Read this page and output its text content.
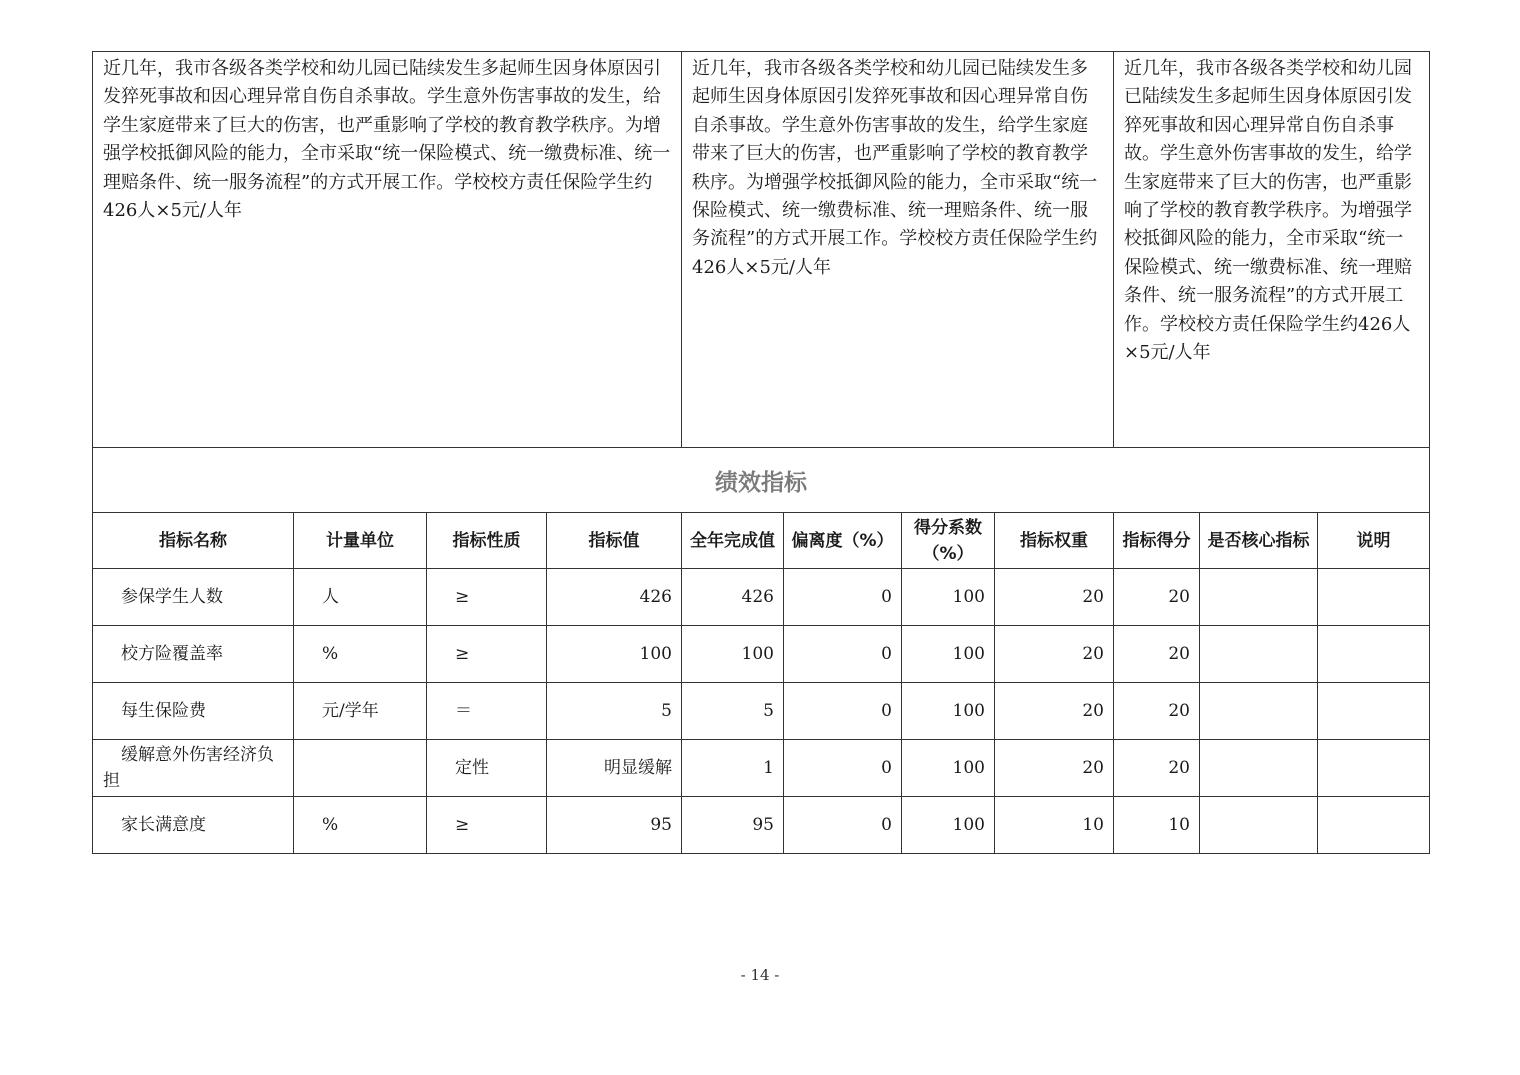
近几年，我市各级各类学校和幼儿园已陆续发生多起师生因身体原因引发猝死事故和因心理异常自伤自杀事故。学生意外伤害事故的发生，给学生家庭带来了巨大的伤害，也严重影响了学校的教育教学秩序。为增强学校抵御风险的能力，全市采取“统一保险模式、统一缴费标准、统一理赔条件、统一服务流程”的方式开展工作。学校校方责任保险学生约426人×5元/人年	近几年，我市各级各类学校和幼儿园已陆续发生多起师生因身体原因引发猝死事故和因心理异常自伤自杀事故。学生意外伤害事故的发生，给学生家庭带来了巨大的伤害，也严重影响了学校的教育教学秩序。为增强学校抵御风险的能力，全市采取“统一保险模式、统一缴费标准、统一理赔条件、统一服务流程”的方式开展工作。学校校方责任保险学生约426人×5元/人年	近几年，我市各级各类学校和幼儿园已陆续发生多起师生因身体原因引发猝死事故和因心理异常自伤自杀事故。学生意外伤害事故的发生，给学生家庭带来了巨大的伤害，也严重影响了学校的教育教学秩序。为增强学校抵御风险的能力，全市采取“统一保险模式、统一缴费标准、统一理赔条件、统一服务流程”的方式开展工作。学校校方责任保险学生约426人×5元/人年
绩效指标										
指标名称	计量单位	指标性质	指标值	全年完成值	偏离度（%）	得分系数（%）	指标权重	指标得分	是否核心指标	说明
参保学生人数	人	≥	426	426	0	100	20	20		
校方险覆盖率	%	≥	100	100	0	100	20	20		
每生保险费	元/学年	＝	5	5	0	100	20	20		
缓解意外伤害经济负担		定性	明显缓解	1	0	100	20	20		
家长满意度	%	≥	95	95	0	100	10	10		
- 14 -
